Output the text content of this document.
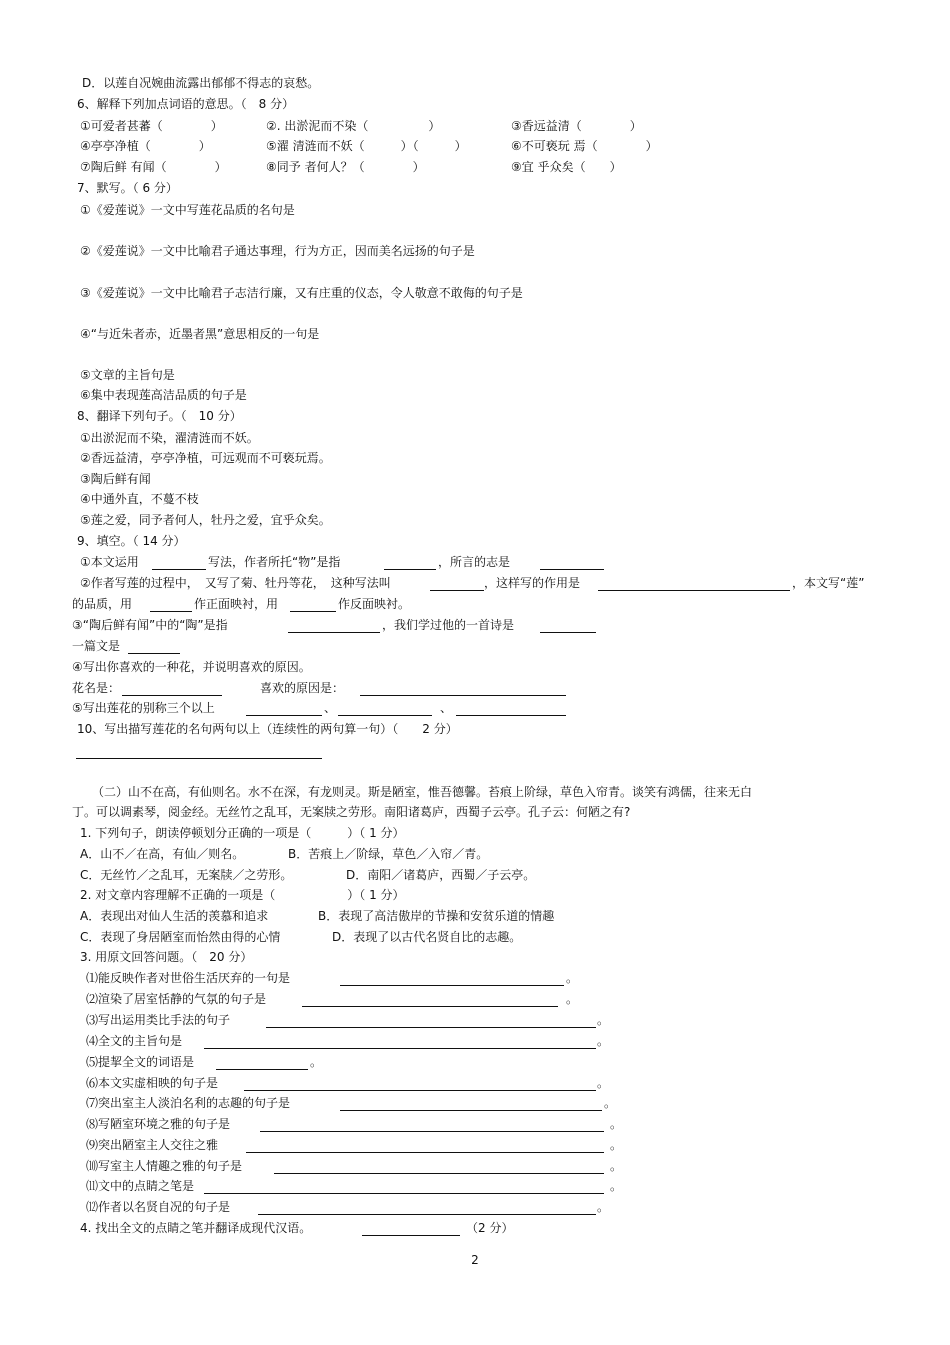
D．以莲自况婉曲流露出郁郁不得志的哀愁。
6、解释下列加点词语的意思。（　8 分）
①可爱者甚蕃（　　　　）	②. 出淤泥而不染（　　　　　）	③香远益清（　　　　）
④亭亭净植（　　　　）	⑤濯 清涟而不妖（　　　）（　　　）	⑥不可亵玩 焉（　　　　）
⑦陶后鲜 有闻（　　　　）	⑧同予 者何人？（　　　　）	⑨宜 乎众矣（　　）
7、默写。（ 6 分）
①《爱莲说》一文中写莲花品质的名句是
②《爱莲说》一文中比喻君子通达事理，行为方正，因而美名远扬的句子是
③《爱莲说》一文中比喻君子志洁行廉，又有庄重的仪态，令人敬意不敢侮的句子是
④“与近朱者赤，近墨者黑”意思相反的一句是
⑤文章的主旨句是
⑥集中表现莲高洁品质的句子是
8、翻译下列句子。（　10 分）
①出淤泥而不染，濯清涟而不妖。
②香远益清，亭亭净植，可远观而不可亵玩焉。
③陶后鲜有闻
④中通外直，不蔓不枝
⑤莲之爱，同予者何人，牡丹之爱，宜乎众矣。
9、填空。（ 14 分）
①本文运用	写法，作者所托“物”是指	，所言的志是
②作者写莲的过程中，　又写了菊、牡丹等花，　这种写法叫	，这样写的作用是	，本文写“莲”
的品质，用	作正面映衬，用	作反面映衬。
③“陶后鲜有闻”中的“陶”是指	，我们学过他的一首诗是
一篇文是
④写出你喜欢的一种花，并说明喜欢的原因。
花名是：	喜欢的原因是：
⑤写出莲花的别称三个以上	、	、
10、写出描写莲花的名句两句以上（连续性的两句算一句）（　　2 分）
（二）山不在高，有仙则名。水不在深，有龙则灵。斯是陋室，惟吾德馨。苔痕上阶绿，草色入帘青。谈笑有鸿儒，往来无白
丁。可以调素琴，阅金经。无丝竹之乱耳，无案牍之劳形。南阳诸葛庐，西蜀子云亭。孔子云：何陋之有?
1. 下列句子，朗读停顿划分正确的一项是（　　　）（ 1 分）
A．山不／在高，有仙／则名。	B．苦痕上／阶绿，草色／入帘／青。
C．无丝竹／之乱耳，无案牍／之劳形。	D．南阳／诸葛庐，西蜀／子云亭。
2. 对文章内容理解不正确的一项是（　　　　　　）（ 1 分）
A．表现出对仙人生活的羡慕和追求	B．表现了高洁傲岸的节操和安贫乐道的情趣
C．表现了身居陋室而怡然由得的心情	D．表现了以古代名贤自比的志趣。
3. 用原文回答问题。（　20 分）
⑴能反映作者对世俗生活厌弃的一句是	。
⑵渲染了居室恬静的气氛的句子是	。
⑶写出运用类比手法的句子	。
⑷全文的主旨句是	。
⑸提挈全文的词语是	。
⑹本文实虚相映的句子是	。
⑺突出室主人淡泊名利的志趣的句子是	。
⑻写陋室环境之雅的句子是	。
⑼突出陋室主人交往之雅	。
⑽写室主人情趣之雅的句子是	。
⑾文中的点睛之笔是	。
⑿作者以名贤自况的句子是	。
4. 找出全文的点睛之笔并翻译成现代汉语。	（2 分）
2
